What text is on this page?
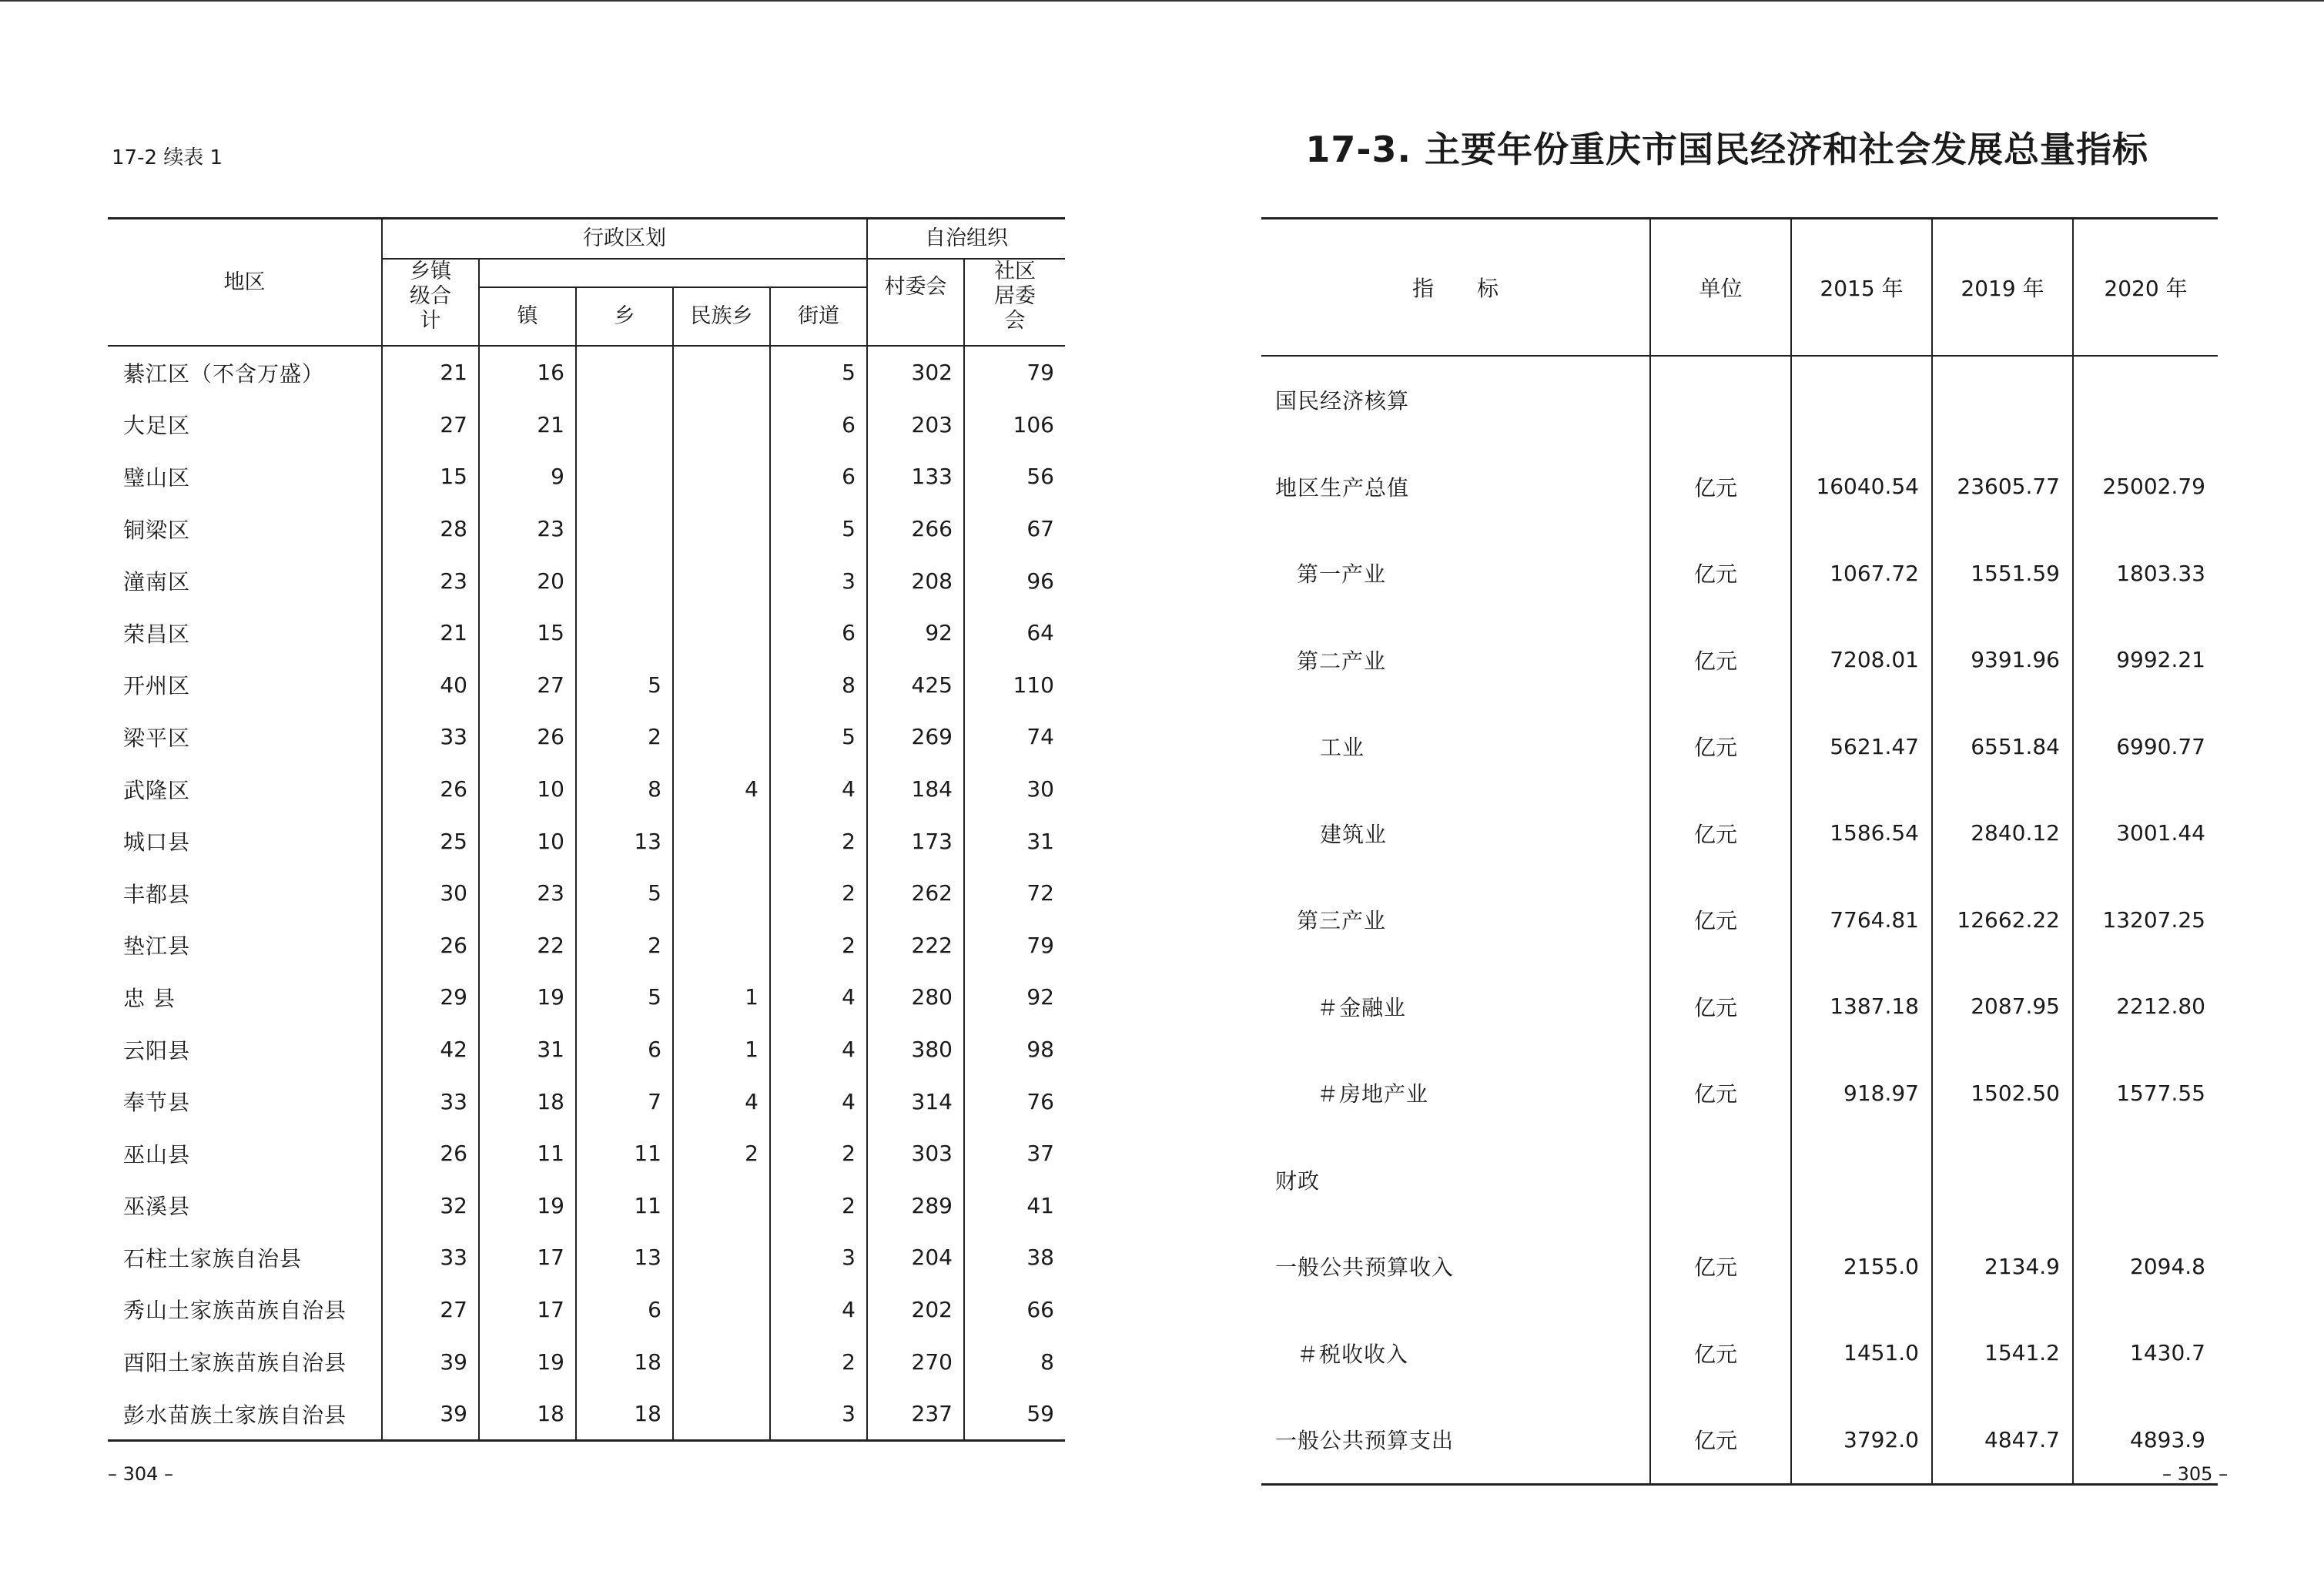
17-2 续表 1
地区	行政区划					自治组织	

	乡镇级合计					村委会	社区居委会

		镇	乡	民族乡	街道		
綦江区（不含万盛）	21	16			5	302	79
大足区	27	21			6	203	106
璧山区	15	9			6	133	56
铜梁区	28	23			5	266	67
潼南区	23	20			3	208	96
荣昌区	21	15			6	92	64
开州区	40	27	5		8	425	110
梁平区	33	26	2		5	269	74
武隆区	26	10	8	4	4	184	30
城口县	25	10	13		2	173	31
丰都县	30	23	5		2	262	72
垫江县	26	22	2		2	222	79
忠 县	29	19	5	1	4	280	92
云阳县	42	31	6	1	4	380	98
奉节县	33	18	7	4	4	314	76
巫山县	26	11	11	2	2	303	37
巫溪县	32	19	11		2	289	41
石柱土家族自治县	33	17	13		3	204	38
秀山土家族苗族自治县	27	17	6		4	202	66
酉阳土家族苗族自治县	39	19	18		2	270	8
彭水苗族土家族自治县	39	18	18		3	237	59
– 304 –
17-3. 主要年份重庆市国民经济和社会发展总量指标
指　　标	单位	2015 年	2019 年	2020 年
国民经济核算				
地区生产总值	亿元	16040.54	23605.77	25002.79
第一产业	亿元	1067.72	1551.59	1803.33
第二产业	亿元	7208.01	9391.96	9992.21
工业	亿元	5621.47	6551.84	6990.77
建筑业	亿元	1586.54	2840.12	3001.44
第三产业	亿元	7764.81	12662.22	13207.25
＃金融业	亿元	1387.18	2087.95	2212.80
＃房地产业	亿元	918.97	1502.50	1577.55
财政				
一般公共预算收入	亿元	2155.0	2134.9	2094.8
＃税收收入	亿元	1451.0	1541.2	1430.7
一般公共预算支出	亿元	3792.0	4847.7	4893.9
– 305 –
